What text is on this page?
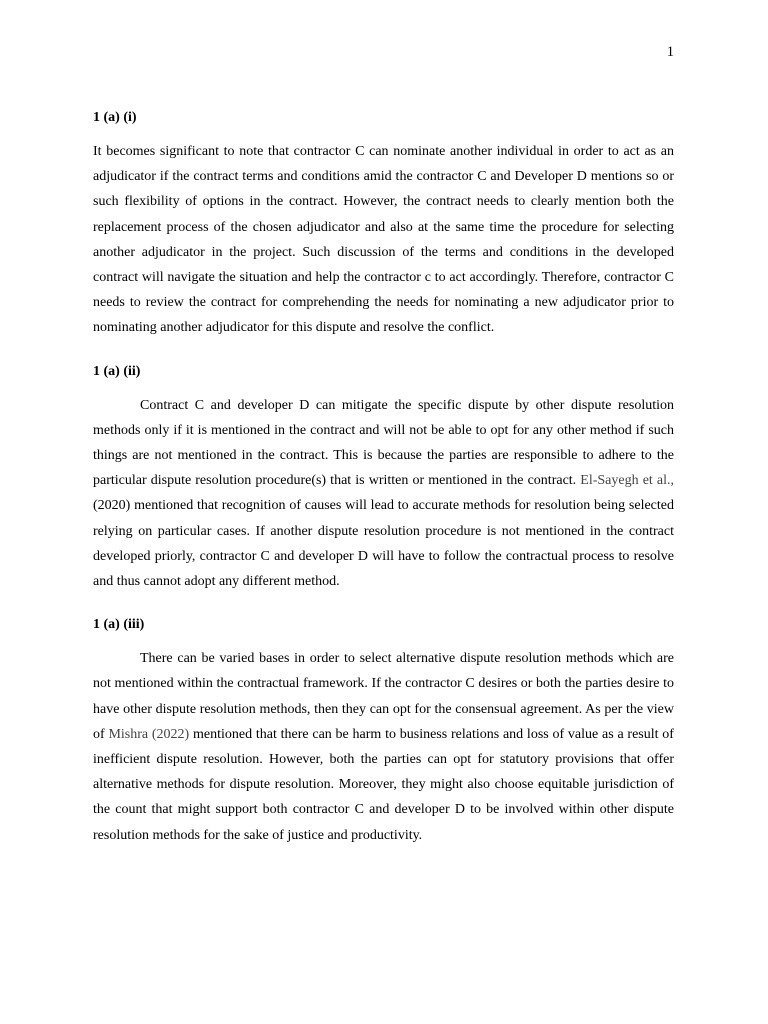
1
1 (a) (i)

It becomes significant to note that contractor C can nominate another individual in order to act as an adjudicator if the contract terms and conditions amid the contractor C and Developer D mentions so or such flexibility of options in the contract. However, the contract needs to clearly mention both the replacement process of the chosen adjudicator and also at the same time the procedure for selecting another adjudicator in the project. Such discussion of the terms and conditions in the developed contract will navigate the situation and help the contractor c to act accordingly. Therefore, contractor C needs to review the contract for comprehending the needs for nominating a new adjudicator prior to nominating another adjudicator for this dispute and resolve the conflict.

1 (a) (ii)

Contract C and developer D can mitigate the specific dispute by other dispute resolution methods only if it is mentioned in the contract and will not be able to opt for any other method if such things are not mentioned in the contract. This is because the parties are responsible to adhere to the particular dispute resolution procedure(s) that is written or mentioned in the contract. El-Sayegh et al., (2020) mentioned that recognition of causes will lead to accurate methods for resolution being selected relying on particular cases. If another dispute resolution procedure is not mentioned in the contract developed priorly, contractor C and developer D will have to follow the contractual process to resolve and thus cannot adopt any different method.

1 (a) (iii)

There can be varied bases in order to select alternative dispute resolution methods which are not mentioned within the contractual framework. If the contractor C desires or both the parties desire to have other dispute resolution methods, then they can opt for the consensual agreement. As per the view of Mishra (2022) mentioned that there can be harm to business relations and loss of value as a result of inefficient dispute resolution. However, both the parties can opt for statutory provisions that offer alternative methods for dispute resolution. Moreover, they might also choose equitable jurisdiction of the count that might support both contractor C and developer D to be involved within other dispute resolution methods for the sake of justice and productivity.
